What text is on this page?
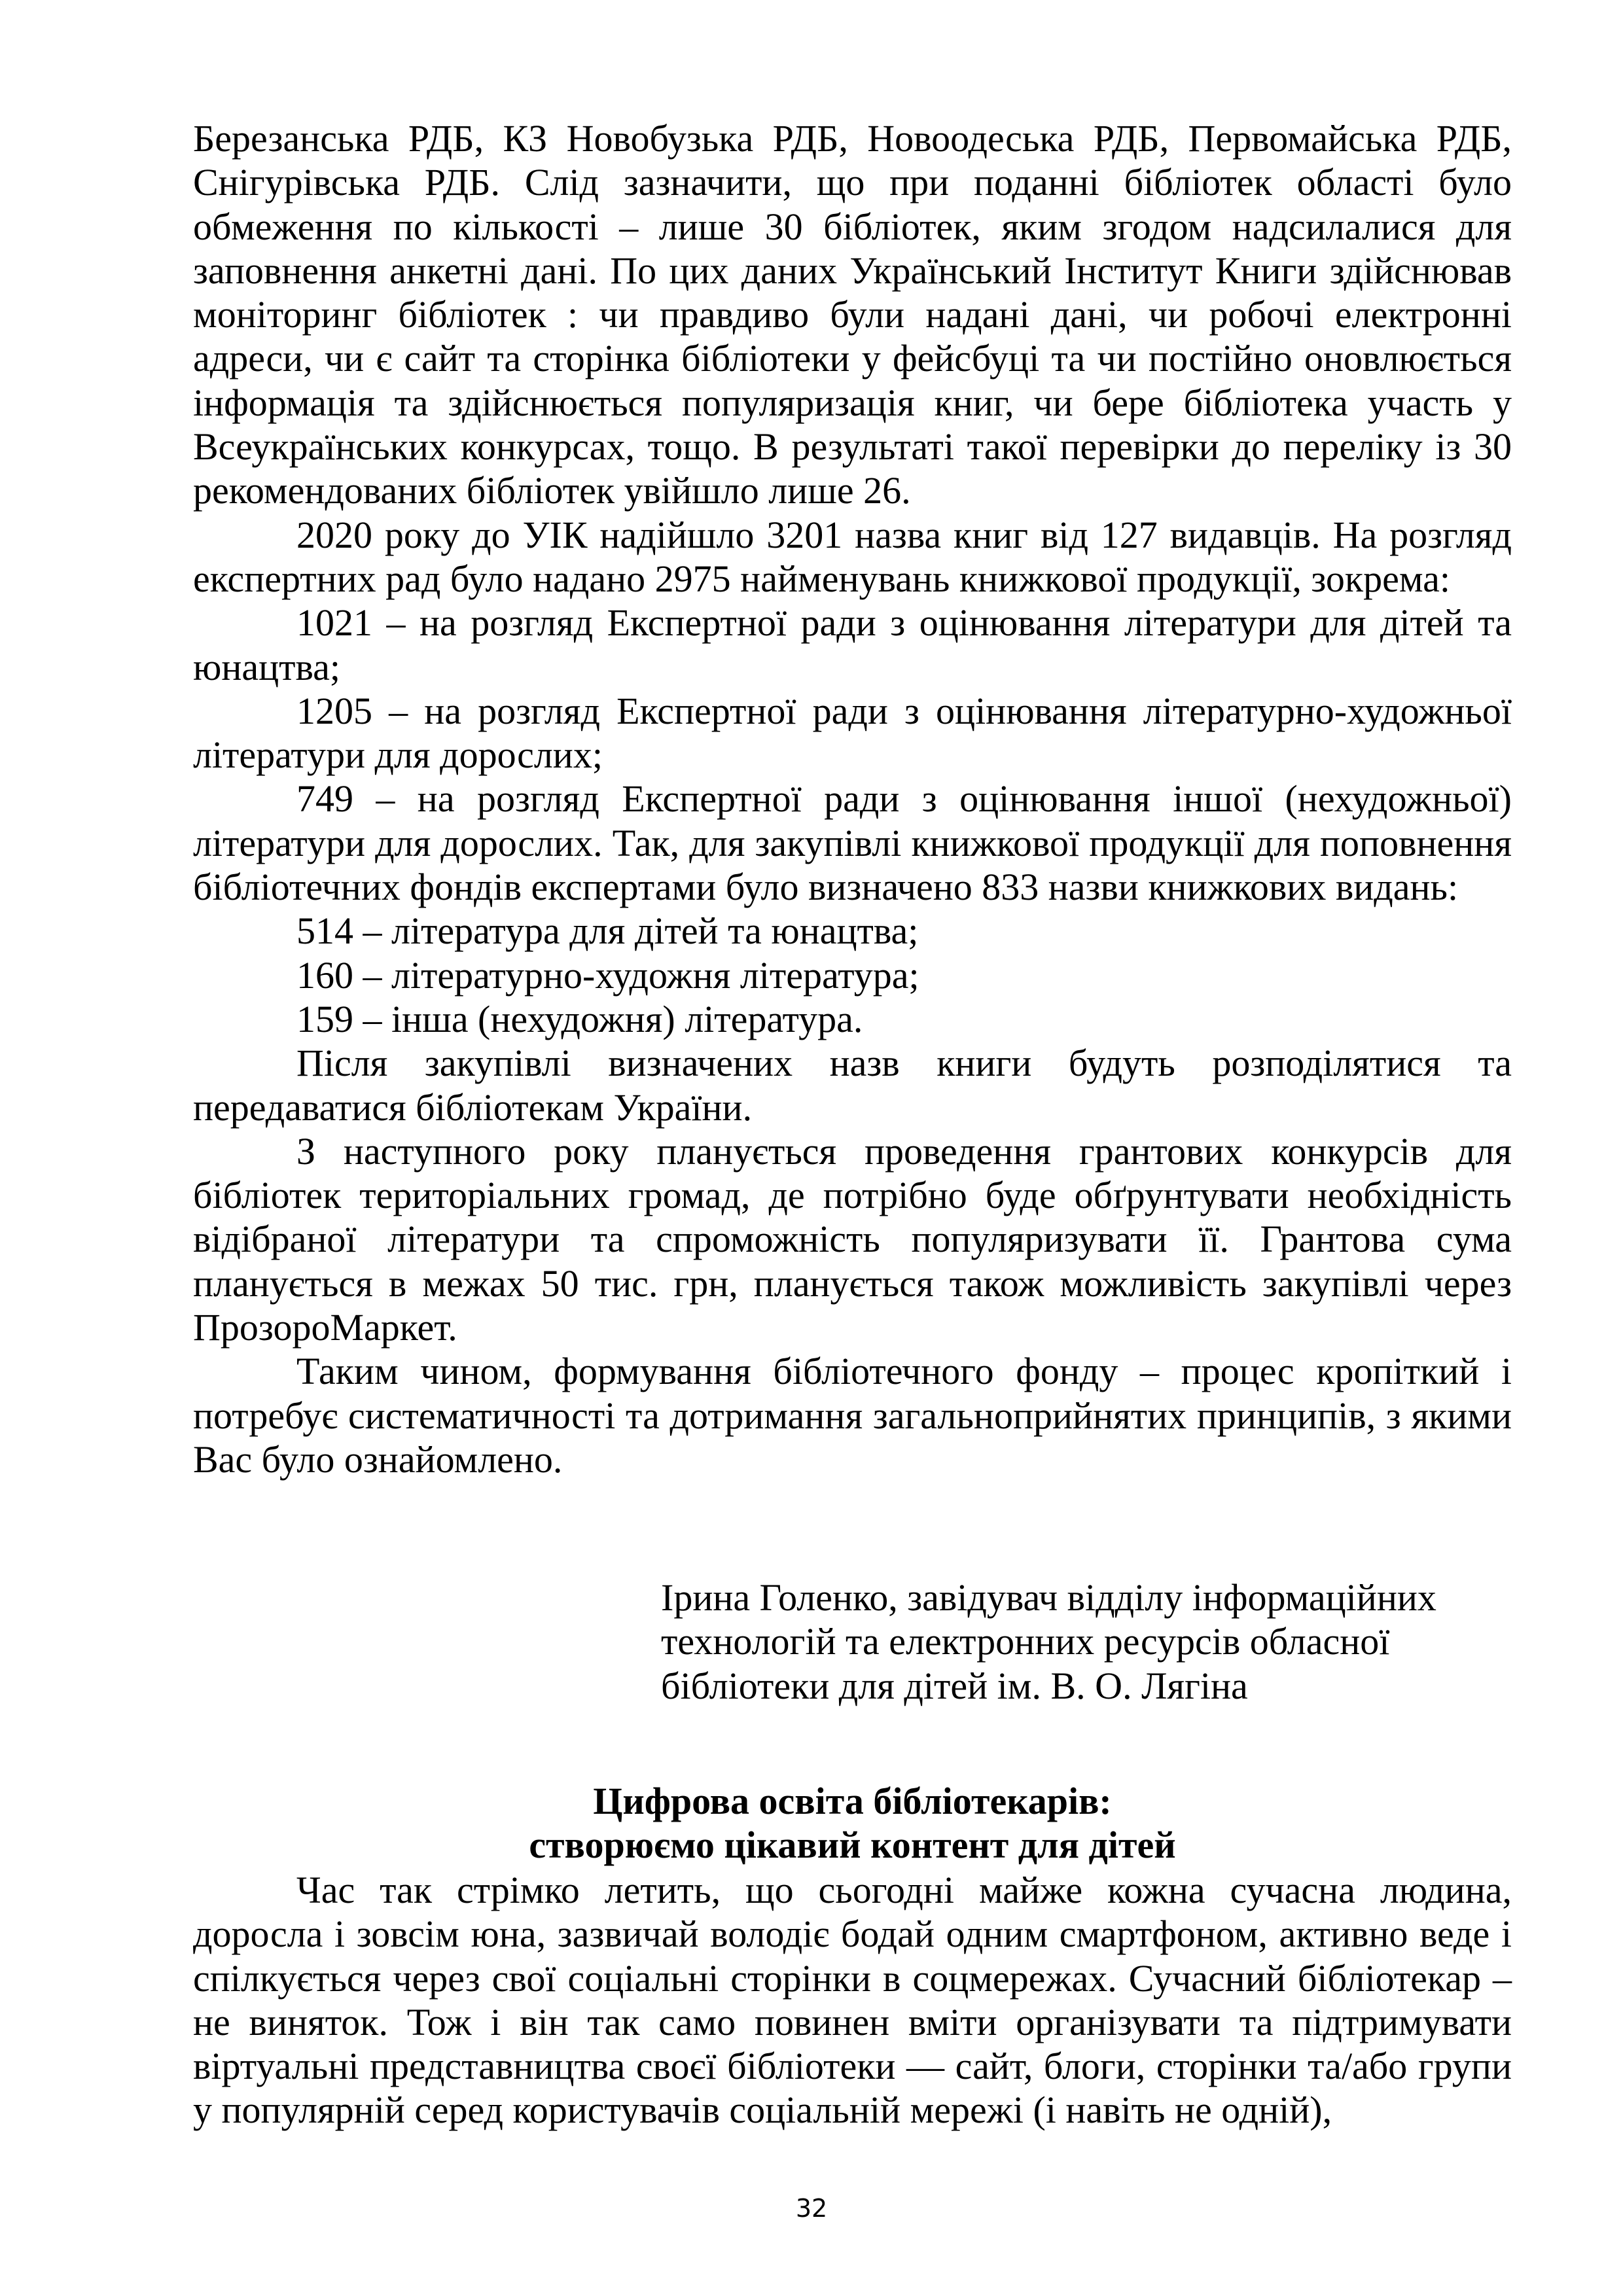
Березанська РДБ, КЗ Новобузька РДБ, Новоодеська РДБ, Первомайська РДБ, Снігурівська РДБ. Слід зазначити, що при поданні бібліотек області було обмеження по кількості – лише 30 бібліотек, яким згодом надсилалися для заповнення анкетні дані. По цих даних Український Інститут Книги здійснював моніторинг бібліотек : чи правдиво були надані дані, чи робочі електронні адреси, чи є сайт та сторінка бібліотеки у фейсбуці та чи постійно оновлюється інформація та здійснюється популяризація книг, чи бере бібліотека участь у Всеукраїнських конкурсах, тощо. В результаті такої перевірки до переліку із 30 рекомендованих бібліотек увійшло лише 26.

2020 року до УІК надійшло 3201 назва книг від 127 видавців. На розгляд експертних рад було надано 2975 найменувань книжкової продукції, зокрема:

1021 – на розгляд Експертної ради з оцінювання літератури для дітей та юнацтва;

1205 – на розгляд Експертної ради з оцінювання літературно-художньої літератури для дорослих;

749 – на розгляд Експертної ради з оцінювання іншої (нехудожньої) літератури для дорослих. Так, для закупівлі книжкової продукції для поповнення бібліотечних фондів експертами було визначено 833 назви книжкових видань:

514 – література для дітей та юнацтва;

160 – літературно-художня література;

159 – інша (нехудожня) література.

Після закупівлі визначених назв книги будуть розподілятися та передаватися бібліотекам України.

З наступного року планується проведення грантових конкурсів для бібліотек територіальних громад, де потрібно буде обґрунтувати необхідність відібраної літератури та спроможність популяризувати її. Грантова сума планується в межах 50 тис. грн, планується також можливість закупівлі через ПрозороМаркет.

Таким чином, формування бібліотечного фонду – процес кропіткий і потребує систематичності та дотримання загальноприйнятих принципів, з якими Вас було ознайомлено.

Ірина Голенко, завідувач відділу інформаційних
технологій та електронних ресурсів обласної
бібліотеки для дітей ім. В. О. Лягіна
Цифрова освіта бібліотекарів:
створюємо цікавий контент для дітей

Час так стрімко летить, що сьогодні майже кожна сучасна людина, доросла і зовсім юна, зазвичай володіє бодай одним смартфоном, активно веде і спілкується через свої соціальні сторінки в соцмережах. Сучасний бібліотекар – не виняток. Тож і він так само повинен вміти організувати та підтримувати віртуальні представництва своєї бібліотеки — сайт, блоги, сторінки та/або групи у популярній серед користувачів соціальній мережі (і навіть не одній),

32
